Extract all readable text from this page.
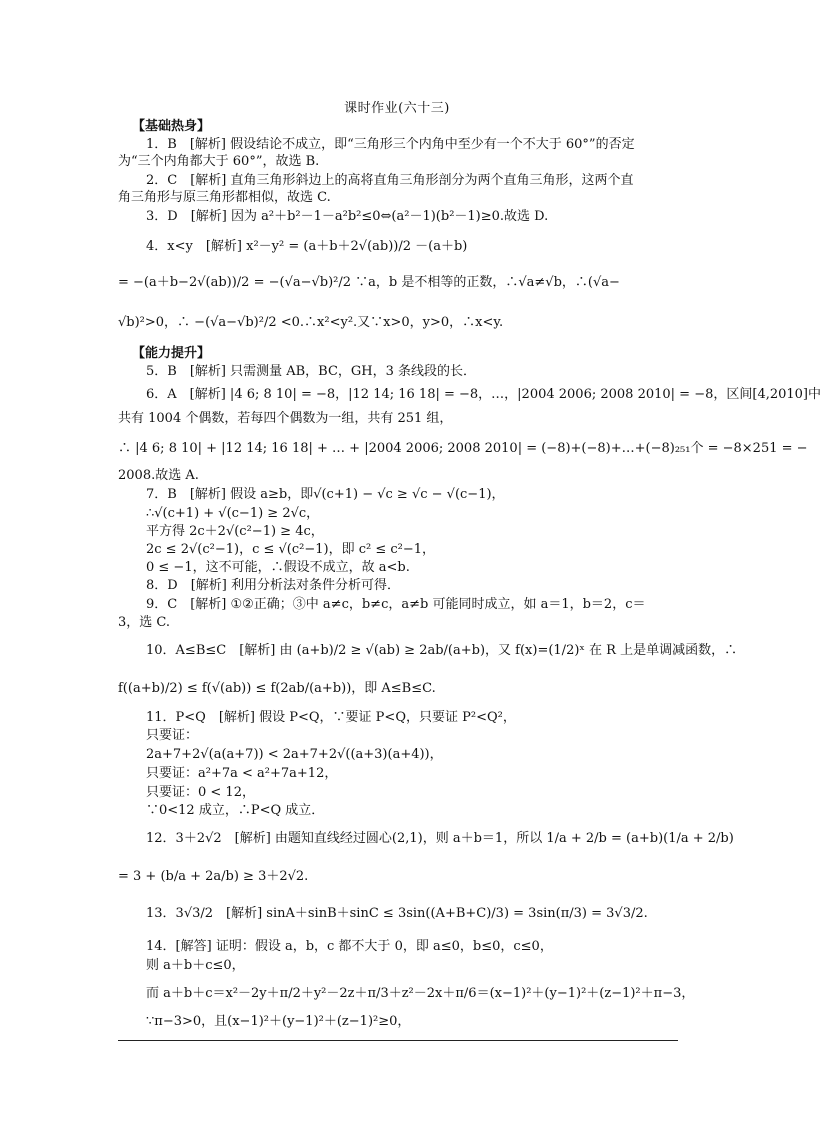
课时作业(六十三)
【基础热身】
1．B　[解析] 假设结论不成立，即“三角形三个内角中至少有一个不大于 60°”的否定
为“三个内角都大于 60°”，故选 B.
2．C　[解析] 直角三角形斜边上的高将直角三角形剖分为两个直角三角形，这两个直
角三角形与原三角形都相似，故选 C.
3．D　[解析] 因为 a²＋b²－1－a²b²≤0⇔(a²－1)(b²－1)≥0.故选 D.
4．x<y　[解析] x²－y² = (a＋b＋2√(ab))/2 －(a＋b)
= −(a＋b−2√(ab))/2 = −(√a−√b)²/2 ∵a，b 是不相等的正数，∴√a≠√b，∴(√a−
√b)²>0，∴ −(√a−√b)²/2 <0.∴x²<y².又∵x>0，y>0，∴x<y.
【能力提升】
5．B　[解析] 只需测量 AB，BC，GH，3 条线段的长．
6．A　[解析] |4 6; 8 10| = −8，|12 14; 16 18| = −8，…，|2004 2006; 2008 2010| = −8，区间[4,2010]中
共有 1004 个偶数，若每四个偶数为一组，共有 251 组，
∴ |4 6; 8 10| + |12 14; 16 18| + … + |2004 2006; 2008 2010| = (−8)+(−8)+…+(−8)₂₅₁个 = −8×251 = −
2008.故选 A.
7．B　[解析] 假设 a≥b，即√(c+1) − √c ≥ √c − √(c−1)，
∴√(c+1) + √(c−1) ≥ 2√c，
平方得 2c＋2√(c²−1) ≥ 4c，
2c ≤ 2√(c²−1)，c ≤ √(c²−1)，即 c² ≤ c²−1，
0 ≤ −1，这不可能，∴假设不成立，故 a<b.
8．D　[解析] 利用分析法对条件分析可得．
9．C　[解析] ①②正确；③中 a≠c，b≠c，a≠b 可能同时成立，如 a＝1，b＝2，c＝
3，选 C.
10．A≤B≤C　[解析] 由 (a+b)/2 ≥ √(ab) ≥ 2ab/(a+b)，又 f(x)=(1/2)ˣ 在 R 上是单调减函数，∴
f((a+b)/2) ≤ f(√(ab)) ≤ f(2ab/(a+b))，即 A≤B≤C.
11．P<Q　[解析] 假设 P<Q，∵要证 P<Q，只要证 P²<Q²，
只要证：
2a+7+2√(a(a+7)) < 2a+7+2√((a+3)(a+4))，
只要证：a²+7a < a²+7a+12，
只要证：0 < 12，
∵0<12 成立，∴P<Q 成立．
12．3＋2√2　[解析] 由题知直线经过圆心(2,1)，则 a＋b＝1，所以 1/a + 2/b = (a+b)(1/a + 2/b)
= 3 + (b/a + 2a/b) ≥ 3＋2√2.
13．3√3/2　[解析] sinA＋sinB＋sinC ≤ 3sin((A+B+C)/3) = 3sin(π/3) = 3√3/2.
14．[解答] 证明：假设 a，b，c 都不大于 0，即 a≤0，b≤0，c≤0，
则 a＋b＋c≤0，
而 a＋b＋c＝x²－2y＋π/2＋y²－2z＋π/3＋z²－2x＋π/6＝(x−1)²＋(y−1)²＋(z−1)²＋π−3，
∵π−3>0，且(x−1)²＋(y−1)²＋(z−1)²≥0，
